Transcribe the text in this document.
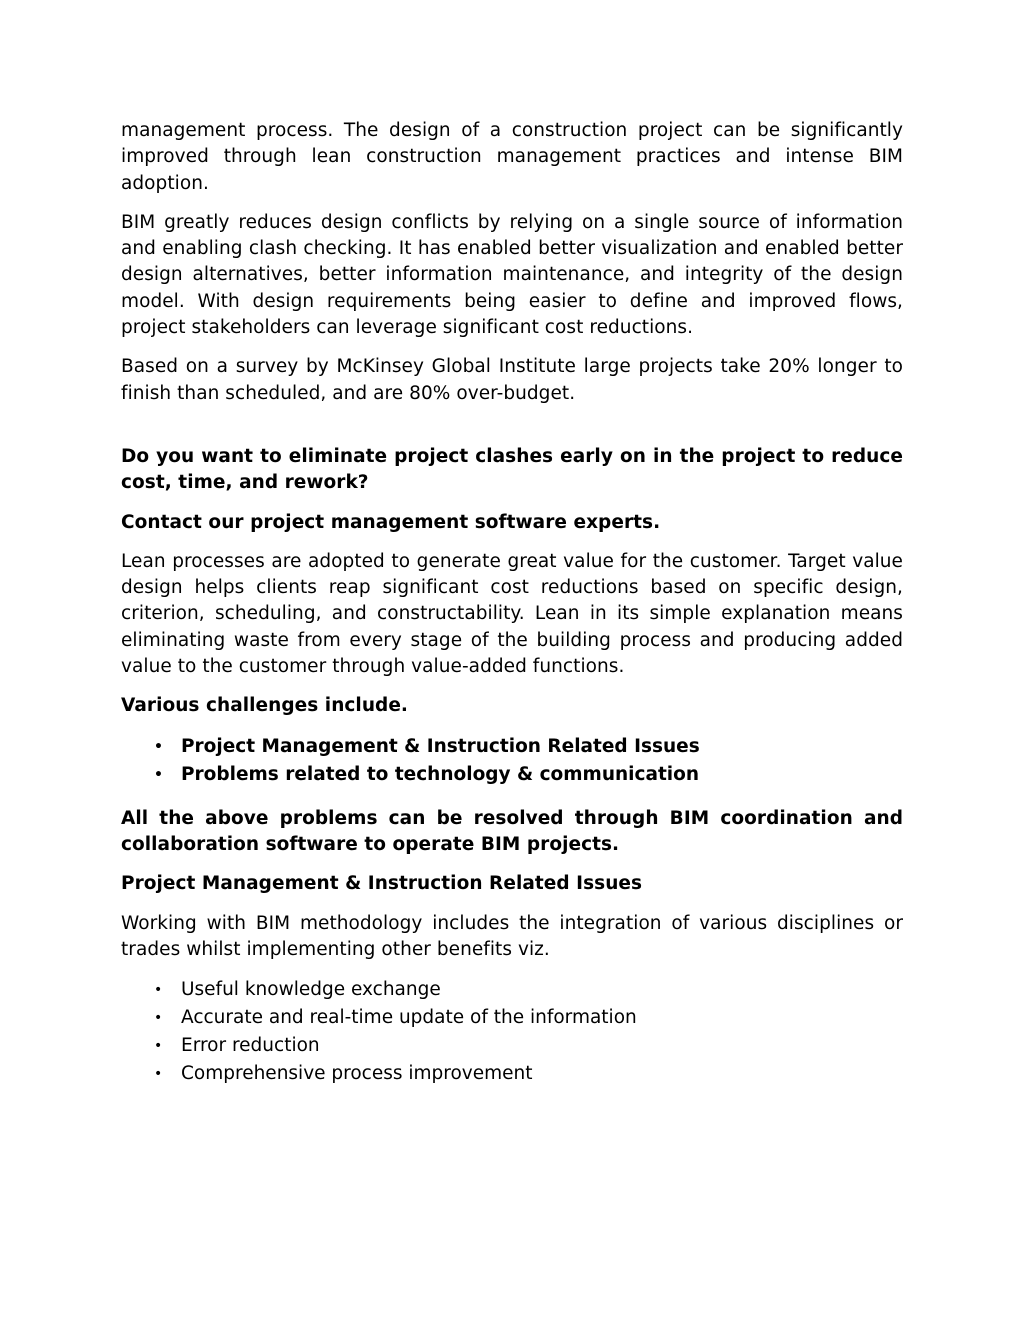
management process. The design of a construction project can be significantly improved through lean construction management practices and intense BIM adoption.

BIM greatly reduces design conflicts by relying on a single source of information and enabling clash checking. It has enabled better visualization and enabled better design alternatives, better information maintenance, and integrity of the design model. With design requirements being easier to define and improved flows, project stakeholders can leverage significant cost reductions.

Based on a survey by McKinsey Global Institute large projects take 20% longer to finish than scheduled, and are 80% over-budget.

Do you want to eliminate project clashes early on in the project to reduce cost, time, and rework?

Contact our project management software experts.

Lean processes are adopted to generate great value for the customer. Target value design helps clients reap significant cost reductions based on specific design, criterion, scheduling, and constructability. Lean in its simple explanation means eliminating waste from every stage of the building process and producing added value to the customer through value-added functions.

Various challenges include.

• Project Management & Instruction Related Issues
• Problems related to technology & communication

All the above problems can be resolved through BIM coordination and collaboration software to operate BIM projects.

Project Management & Instruction Related Issues

Working with BIM methodology includes the integration of various disciplines or trades whilst implementing other benefits viz.

• Useful knowledge exchange
• Accurate and real-time update of the information
• Error reduction
• Comprehensive process improvement
